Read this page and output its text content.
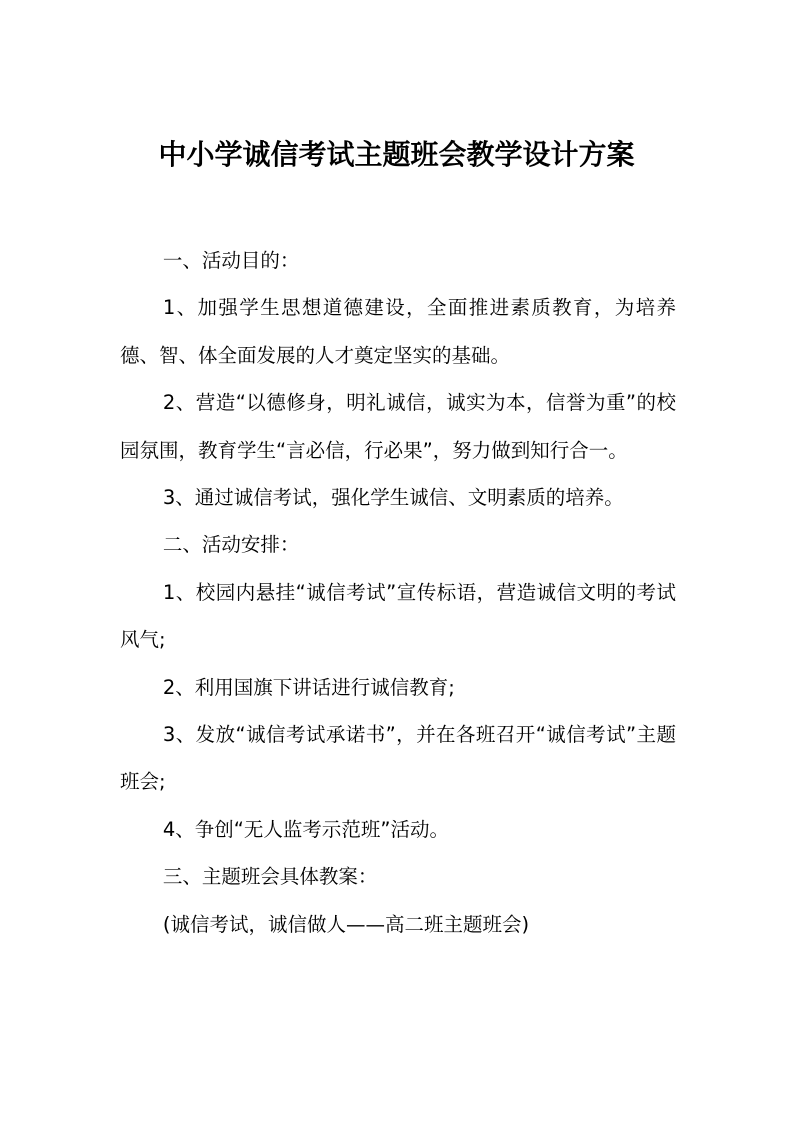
中小学诚信考试主题班会教学设计方案

一、活动目的：

1、加强学生思想道德建设，全面推进素质教育，为培养德、智、体全面发展的人才奠定坚实的基础。

2、营造“以德修身，明礼诚信，诚实为本，信誉为重”的校园氛围，教育学生“言必信，行必果”，努力做到知行合一。

3、通过诚信考试，强化学生诚信、文明素质的培养。

二、活动安排：

1、校园内悬挂“诚信考试”宣传标语，营造诚信文明的考试风气;

2、利用国旗下讲话进行诚信教育;

3、发放“诚信考试承诺书”，并在各班召开“诚信考试”主题班会;

4、争创“无人监考示范班”活动。

三、主题班会具体教案：

(诚信考试，诚信做人——高二班主题班会)
